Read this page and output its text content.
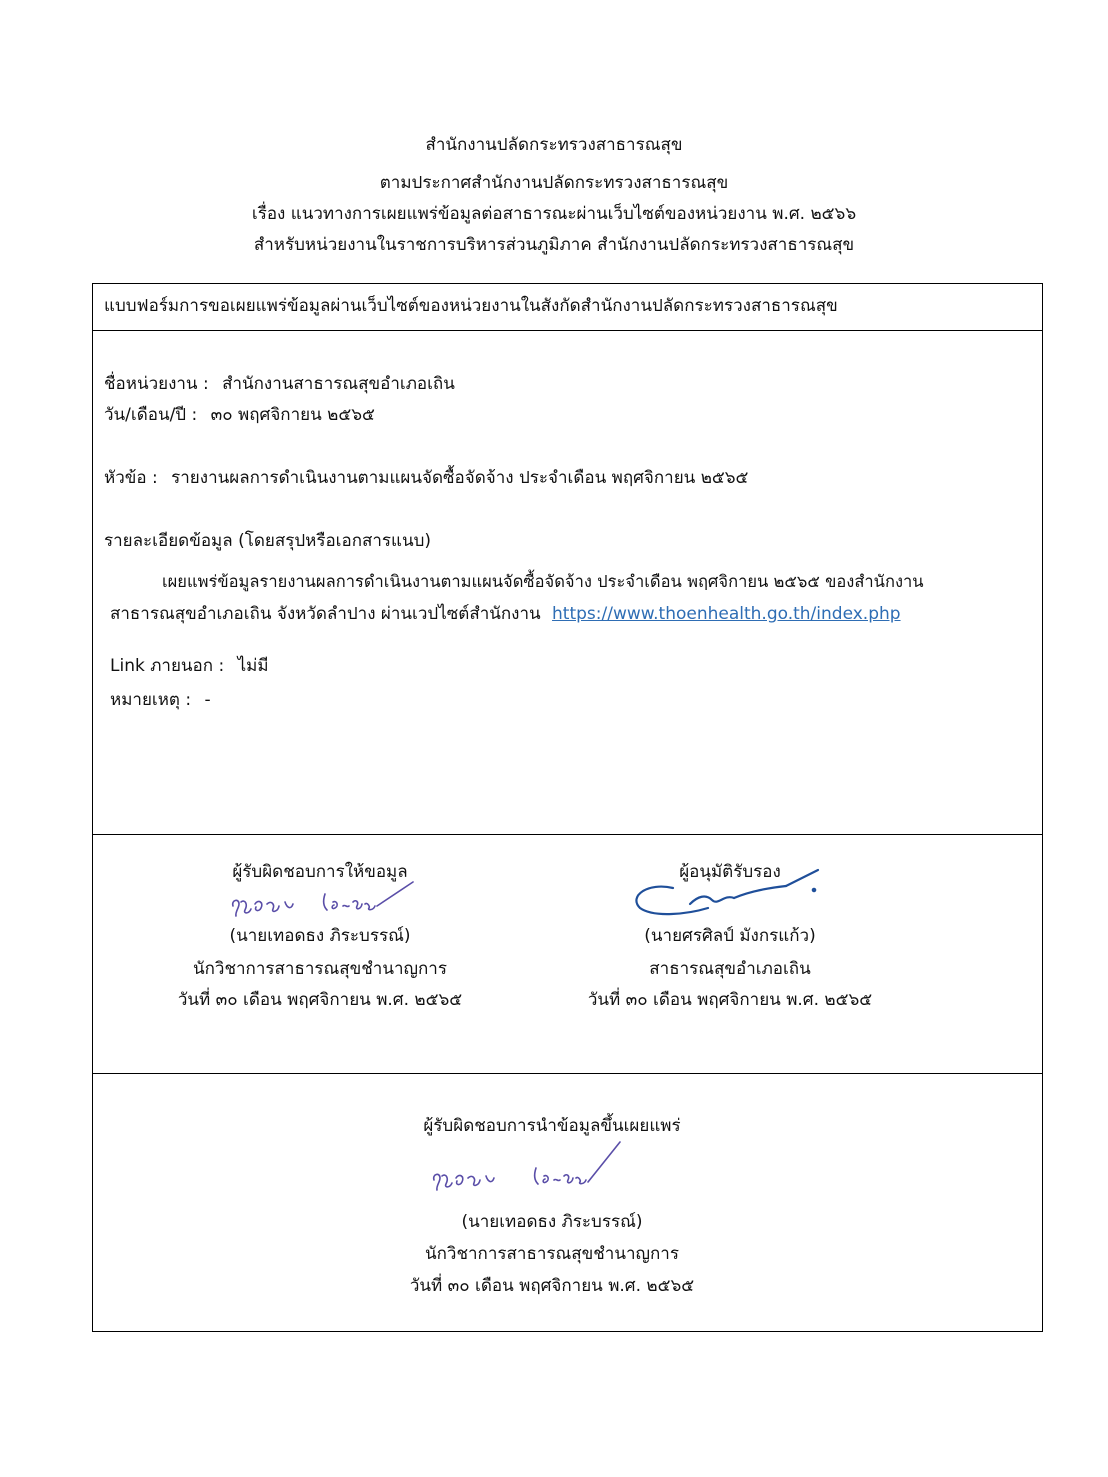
สำนักงานปลัดกระทรวงสาธารณสุข
ตามประกาศสำนักงานปลัดกระทรวงสาธารณสุข
เรื่อง แนวทางการเผยแพร่ข้อมูลต่อสาธารณะผ่านเว็บไซต์ของหน่วยงาน พ.ศ. ๒๕๖๖
สำหรับหน่วยงานในราชการบริหารส่วนภูมิภาค สำนักงานปลัดกระทรวงสาธารณสุข
แบบฟอร์มการขอเผยแพร่ข้อมูลผ่านเว็บไซต์ของหน่วยงานในสังกัดสำนักงานปลัดกระทรวงสาธารณสุข
ชื่อหน่วยงาน : สำนักงานสาธารณสุขอำเภอเถิน
วัน/เดือน/ปี : ๓๐ พฤศจิกายน ๒๕๖๕
หัวข้อ : รายงานผลการดำเนินงานตามแผนจัดซื้อจัดจ้าง ประจำเดือน พฤศจิกายน ๒๕๖๕
รายละเอียดข้อมูล (โดยสรุปหรือเอกสารแนบ)
เผยแพร่ข้อมูลรายงานผลการดำเนินงานตามแผนจัดซื้อจัดจ้าง ประจำเดือน พฤศจิกายน ๒๕๖๕ ของสำนักงาน
สาธารณสุขอำเภอเถิน จังหวัดลำปาง ผ่านเวปไซต์สำนักงาน https://www.thoenhealth.go.th/index.php
Link ภายนอก : ไม่มี
หมายเหตุ : -
ผู้รับผิดชอบการให้ขอมูล
(นายเทอดธง ภิระบรรณ์)
นักวิชาการสาธารณสุขชำนาญการ
วันที่ ๓๐ เดือน พฤศจิกายน พ.ศ. ๒๕๖๕
ผู้อนุมัติรับรอง
(นายศรศิลป์ มังกรแก้ว)
สาธารณสุขอำเภอเถิน
วันที่ ๓๐ เดือน พฤศจิกายน พ.ศ. ๒๕๖๕
ผู้รับผิดชอบการนำข้อมูลขึ้นเผยแพร่
(นายเทอดธง ภิระบรรณ์)
นักวิชาการสาธารณสุขชำนาญการ
วันที่ ๓๐ เดือน พฤศจิกายน พ.ศ. ๒๕๖๕
